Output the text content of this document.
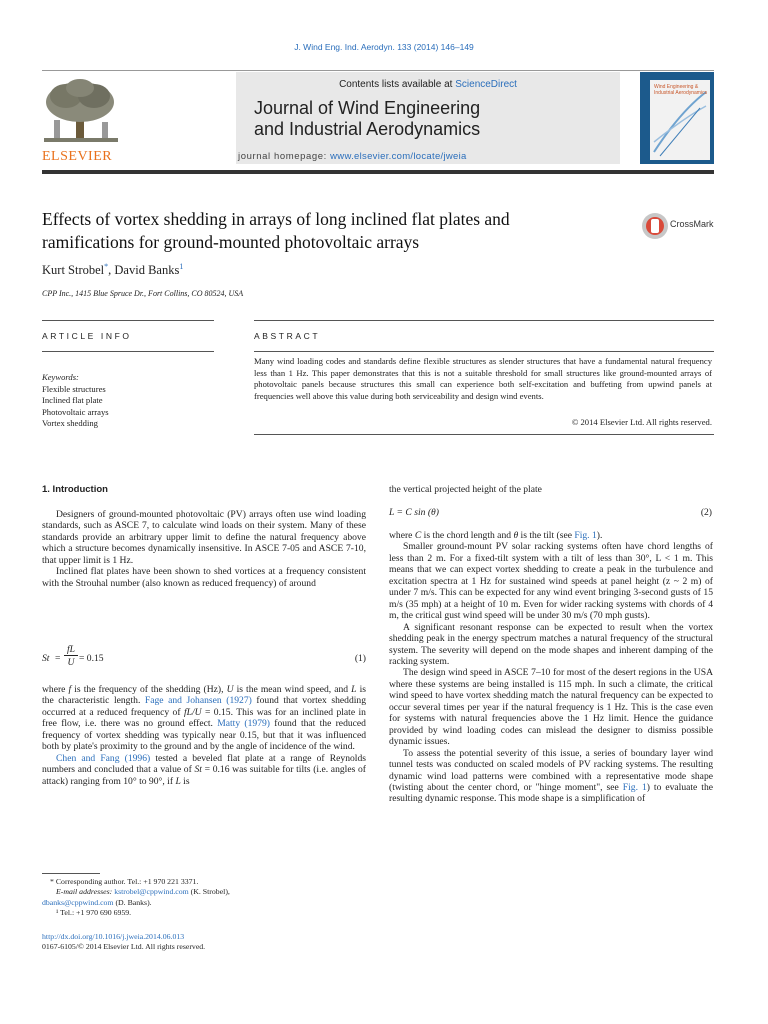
J. Wind Eng. Ind. Aerodyn. 133 (2014) 146–149
ELSEVIER
Contents lists available at ScienceDirect
Journal of Wind Engineering
and Industrial Aerodynamics
journal homepage: www.elsevier.com/locate/jweia
Wind Engineering & Industrial Aerodynamics
Effects of vortex shedding in arrays of long inclined flat plates and
ramifications for ground-mounted photovoltaic arrays
CrossMark
Kurt Strobel*, David Banks$^1$
CPP Inc., 1415 Blue Spruce Dr., Fort Collins, CO 80524, USA
ARTICLE INFO	ABSTRACT
Keywords:
Flexible structures
Inclined flat plate
Photovoltaic arrays
Vortex shedding
Many wind loading codes and standards define flexible structures as slender structures that have a fundamental natural frequency less than 1 Hz. This paper demonstrates that this is not a suitable threshold for small structures like ground-mounted arrays of photovoltaic panels because structures this small can experience both self-excitation and buffeting from upwind panels at frequencies well above this value during both serviceability and design wind events.
© 2014 Elsevier Ltd. All rights reserved.
1. Introduction

Designers of ground-mounted photovoltaic (PV) arrays often use wind loading standards, such as ASCE 7, to calculate wind loads on their system. Many of these standards provide an arbitrary upper limit to define the natural frequency above which a structure becomes dynamically insensitive. In ASCE 7-05 and ASCE 7-10, that upper limit is 1 Hz.

Inclined flat plates have been shown to shed vortices at a frequency consistent with the Strouhal number (also known as reduced frequency) of around

St =
fL
U = 0.15	(1)

where f is the frequency of the shedding (Hz), U is the mean wind speed, and L is the characteristic length. Fage and Johansen (1927) found that vortex shedding occurred at a reduced frequency of fL/U = 0.15. This was for an inclined plate in free flow, i.e. there was no ground effect. Matty (1979) found that the reduced frequency of vortex shedding was typically near 0.15, but that it was influenced both by plate's proximity to the ground and by the angle of incidence of the wind.

Chen and Fang (1996) tested a beveled flat plate at a range of Reynolds numbers and concluded that a value of St = 0.16 was suitable for tilts (i.e. angles of attack) ranging from 10° to 90°, if L is

* Corresponding author. Tel.: +1 970 221 3371.
E-mail addresses: kstrobel@cppwind.com (K. Strobel),
dbanks@cppwind.com (D. Banks).
¹ Tel.: +1 970 690 6959.
http://dx.doi.org/10.1016/j.jweia.2014.06.013
0167-6105/© 2014 Elsevier Ltd. All rights reserved.

the vertical projected height of the plate

L = C sin (θ)	(2)

where C is the chord length and θ is the tilt (see Fig. 1).

Smaller ground-mount PV solar racking systems often have chord lengths of less than 2 m. For a fixed-tilt system with a tilt of less than 30°, L < 1 m. This means that we can expect vortex shedding to create a peak in the turbulence and excitation spectra at 1 Hz for sustained wind speeds at panel height (z ~ 2 m) of under 7 m/s. This can be expected for any wind event bringing 3-second gusts of 15 m/s (35 mph) at a height of 10 m. Even for wider racking systems with chords of 4 m, the critical gust wind speed will be under 30 m/s (70 mph gusts).

A significant resonant response can be expected to result when the vortex shedding peak in the energy spectrum matches a natural frequency of the structural system. The severity will depend on the mode shapes and inherent damping of the racking system.

The design wind speed in ASCE 7–10 for most of the desert regions in the USA where these systems are being installed is 115 mph. In such a climate, the critical wind speed to have vortex shedding match the natural frequency can be expected to occur several times per year if the natural frequency is 1 Hz. This is the case even for systems with natural frequencies above the 1 Hz limit. Hence the guidance provided by wind loading codes can mislead the designer to dismiss possible dynamic issues.

To assess the potential severity of this issue, a series of boundary layer wind tunnel tests was conducted on scaled models of PV racking systems. The resulting dynamic wind load patterns were combined with a representative mode shape (twisting about the center chord, or "hinge moment", see Fig. 1) to evaluate the resulting dynamic response. This mode shape is a simplification of
